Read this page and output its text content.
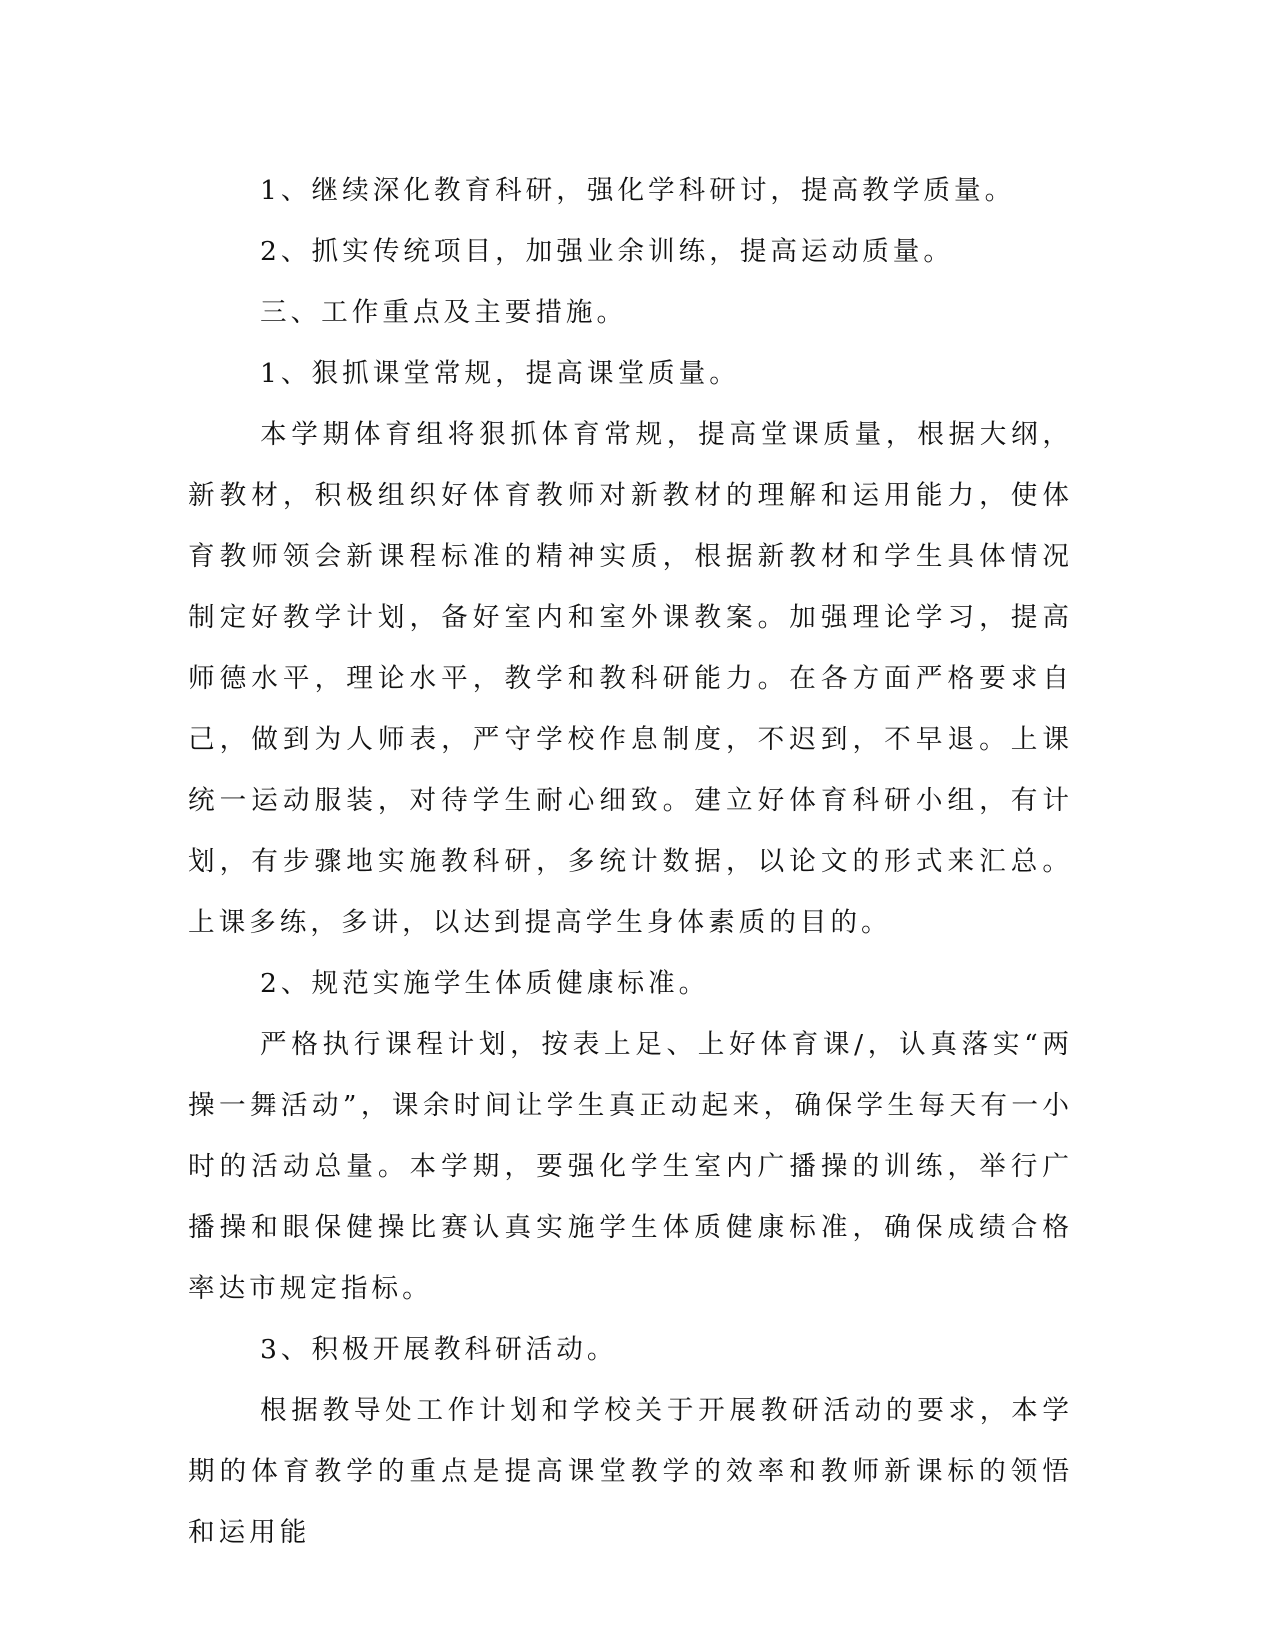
1、继续深化教育科研，强化学科研讨，提高教学质量。

2、抓实传统项目，加强业余训练，提高运动质量。

三、工作重点及主要措施。

1、狠抓课堂常规，提高课堂质量。

本学期体育组将狠抓体育常规，提高堂课质量，根据大纲，新教材，积极组织好体育教师对新教材的理解和运用能力，使体育教师领会新课程标准的精神实质，根据新教材和学生具体情况制定好教学计划，备好室内和室外课教案。加强理论学习，提高师德水平，理论水平，教学和教科研能力。在各方面严格要求自己，做到为人师表，严守学校作息制度，不迟到，不早退。上课统一运动服装，对待学生耐心细致。建立好体育科研小组，有计划，有步骤地实施教科研，多统计数据，以论文的形式来汇总。上课多练，多讲，以达到提高学生身体素质的目的。

2、规范实施学生体质健康标准。

严格执行课程计划，按表上足、上好体育课/，认真落实“两操一舞活动”，课余时间让学生真正动起来，确保学生每天有一小时的活动总量。本学期，要强化学生室内广播操的训练，举行广播操和眼保健操比赛认真实施学生体质健康标准，确保成绩合格率达市规定指标。

3、积极开展教科研活动。

根据教导处工作计划和学校关于开展教研活动的要求，本学期的体育教学的重点是提高课堂教学的效率和教师新课标的领悟和运用能
